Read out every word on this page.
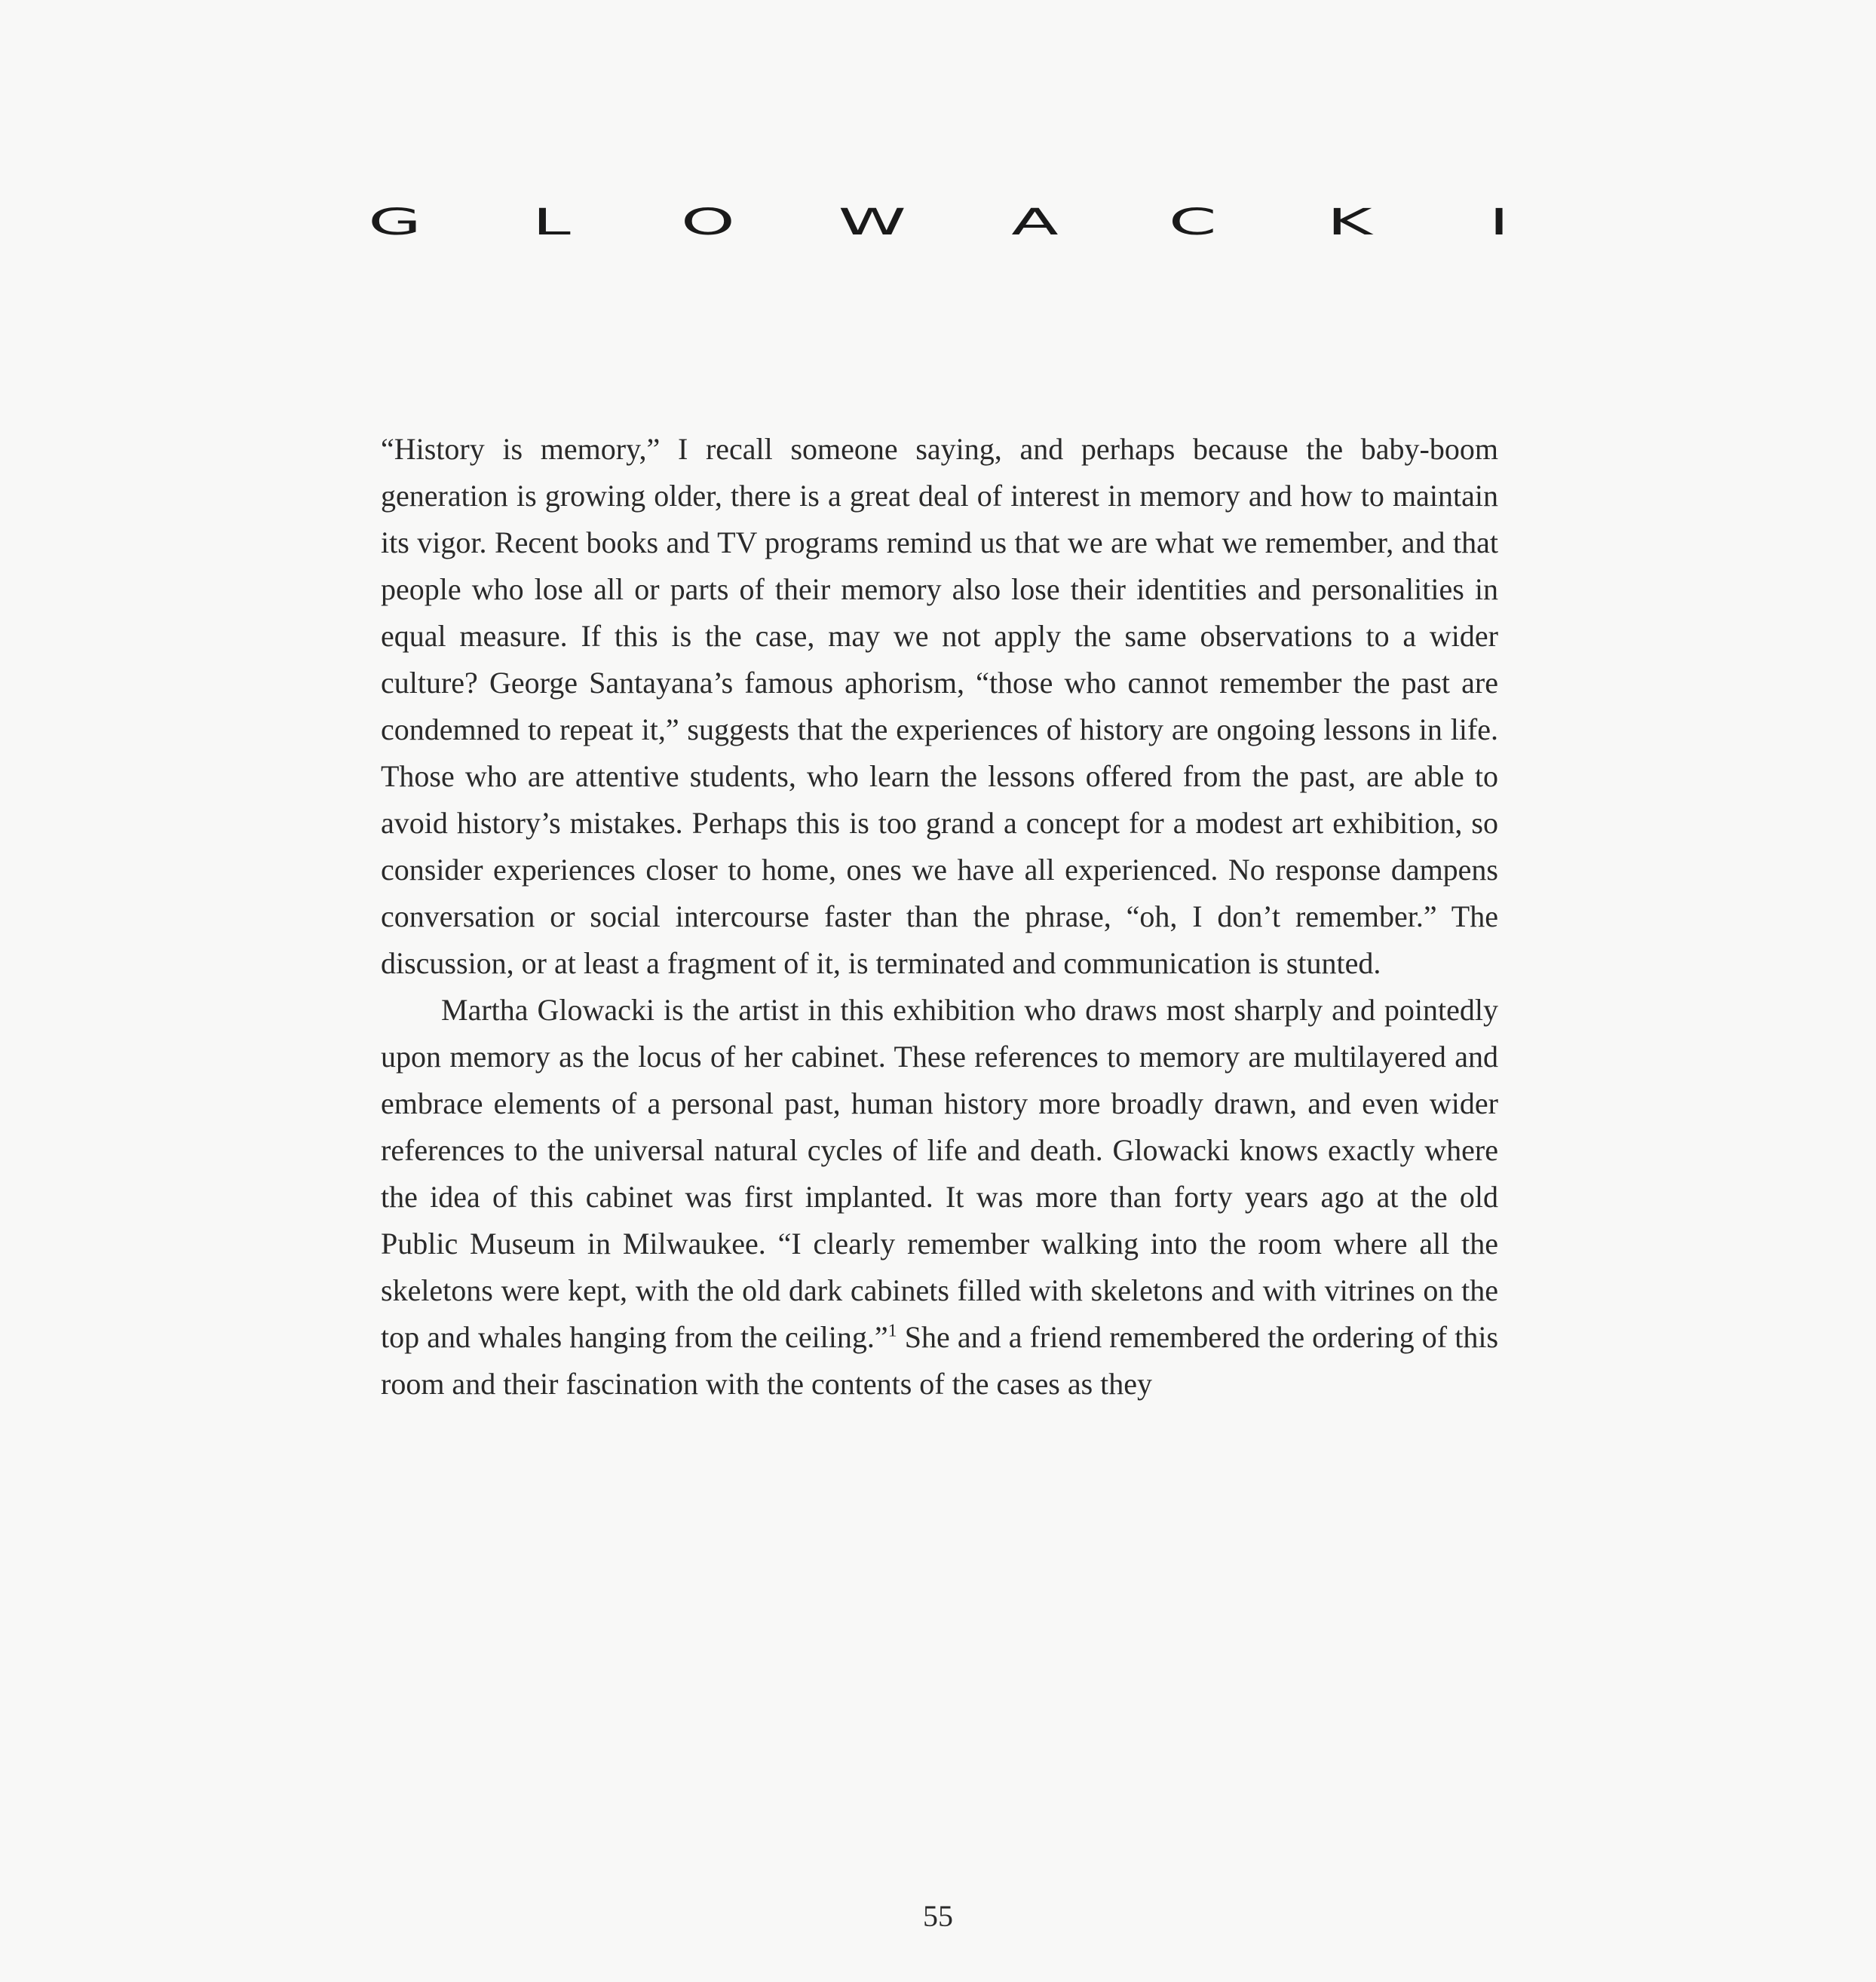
G	L	O	W	A	C	K	I

“History is memory,” I recall someone saying, and perhaps because the baby-boom generation is growing older, there is a great deal of interest in memory and how to maintain its vigor. Recent books and TV programs remind us that we are what we remember, and that people who lose all or parts of their memory also lose their identities and personalities in equal measure. If this is the case, may we not apply the same observations to a wider culture? George Santayana’s famous aphorism, “those who cannot remember the past are condemned to repeat it,” suggests that the experiences of history are ongoing lessons in life. Those who are attentive students, who learn the lessons offered from the past, are able to avoid history’s mistakes. Perhaps this is too grand a concept for a modest art exhibition, so consider experiences closer to home, ones we have all experienced. No response dampens conversation or social intercourse faster than the phrase, “oh, I don’t remember.” The discussion, or at least a fragment of it, is terminated and communication is stunted.

Martha Glowacki is the artist in this exhibition who draws most sharply and pointedly upon memory as the locus of her cabinet. These references to memory are multilayered and embrace elements of a personal past, human history more broadly drawn, and even wider references to the universal natural cycles of life and death. Glowacki knows exactly where the idea of this cabinet was first implanted. It was more than forty years ago at the old Public Museum in Milwaukee. “I clearly remember walking into the room where all the skeletons were kept, with the old dark cabinets filled with skeletons and with vitrines on the top and whales hanging from the ceiling.”$^1$ She and a friend remembered the ordering of this room and their fascination with the contents of the cases as they

55
